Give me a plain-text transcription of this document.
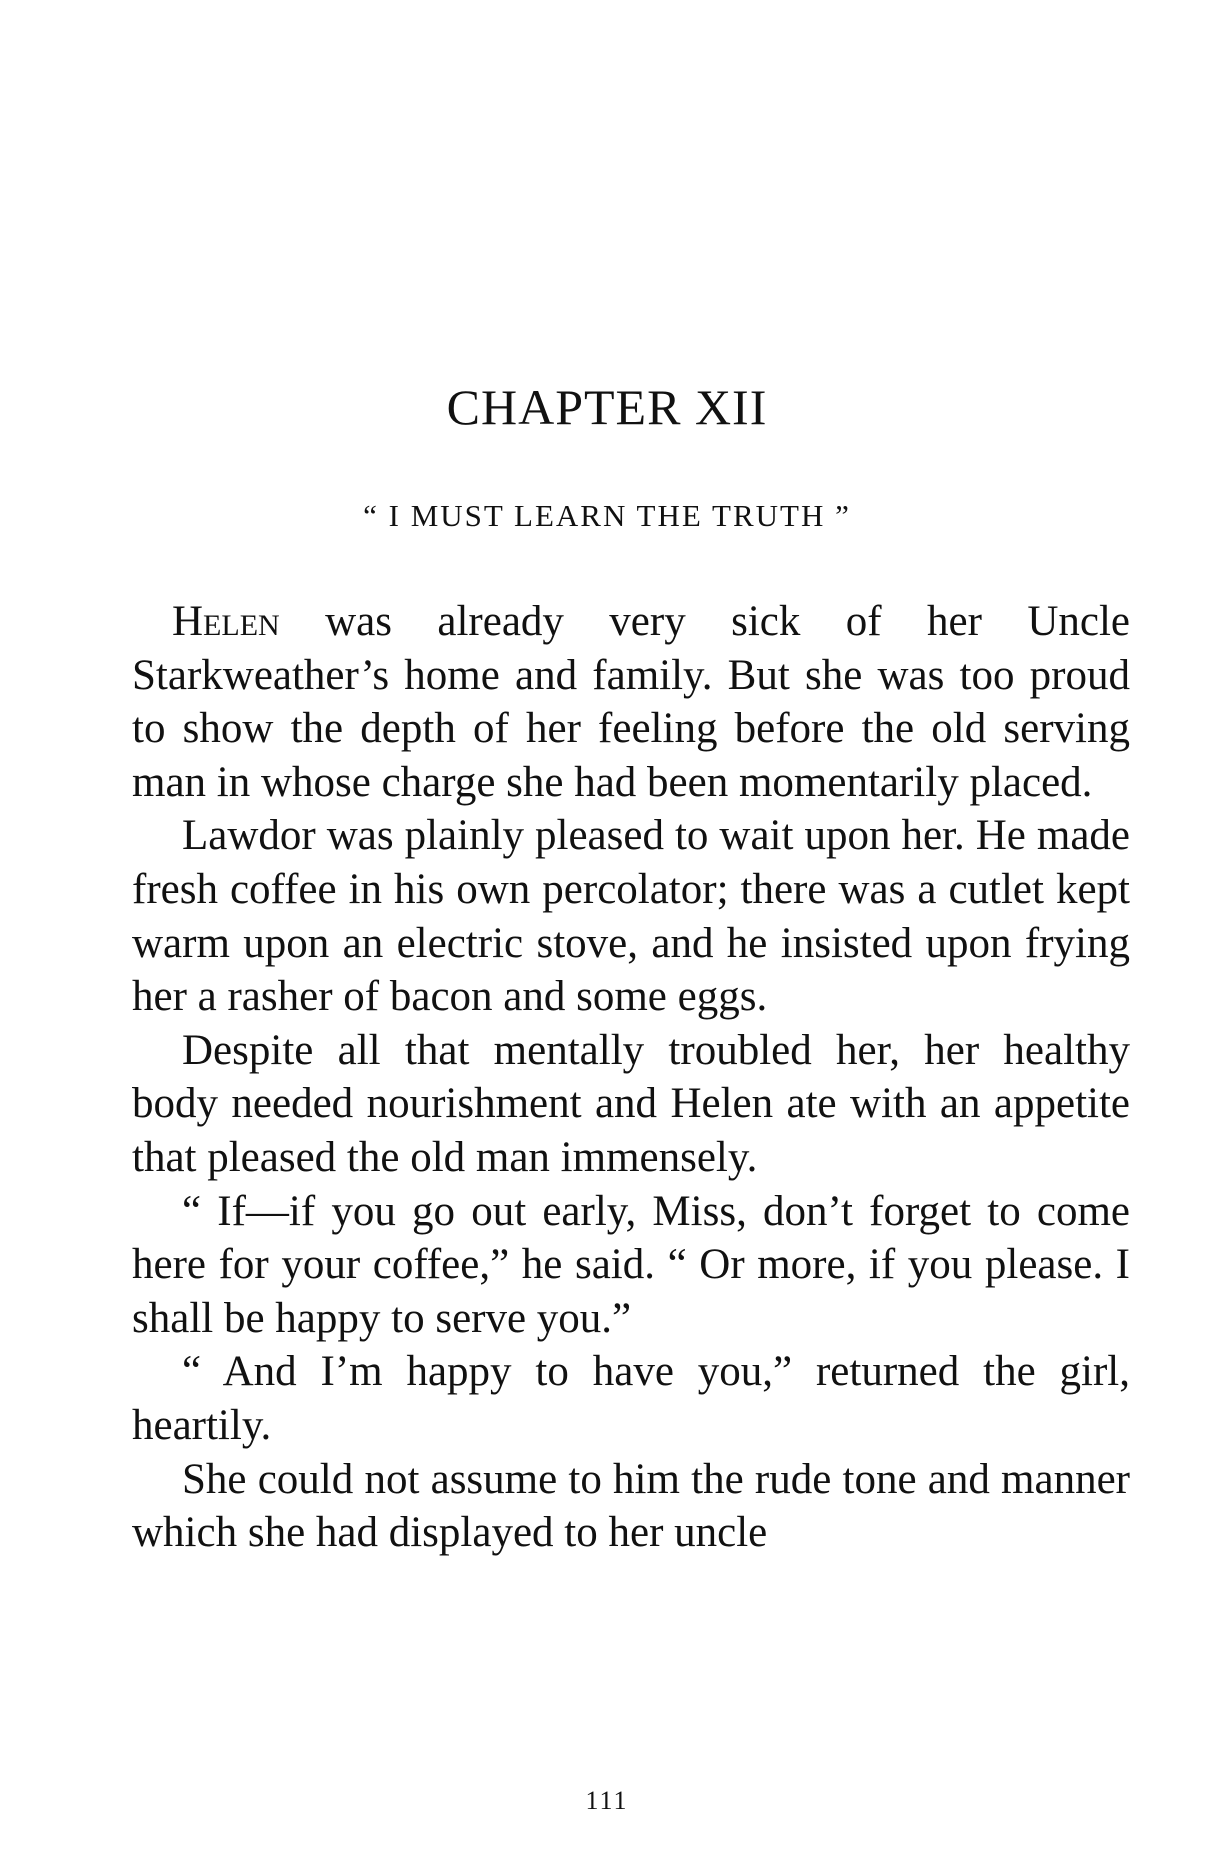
CHAPTER XII
“ I MUST LEARN THE TRUTH ”

Helen was already very sick of her Uncle Starkweather’s home and family. But she was too proud to show the depth of her feeling before the old serving man in whose charge she had been momentarily placed.

Lawdor was plainly pleased to wait upon her. He made fresh coffee in his own percolator; there was a cutlet kept warm upon an electric stove, and he insisted upon frying her a rasher of bacon and some eggs.

Despite all that mentally troubled her, her healthy body needed nourishment and Helen ate with an appetite that pleased the old man immensely.

“ If—if you go out early, Miss, don’t forget to come here for your coffee,” he said. “ Or more, if you please. I shall be happy to serve you.”

“ And I’m happy to have you,” returned the girl, heartily.

She could not assume to him the rude tone and manner which she had displayed to her uncle

111
